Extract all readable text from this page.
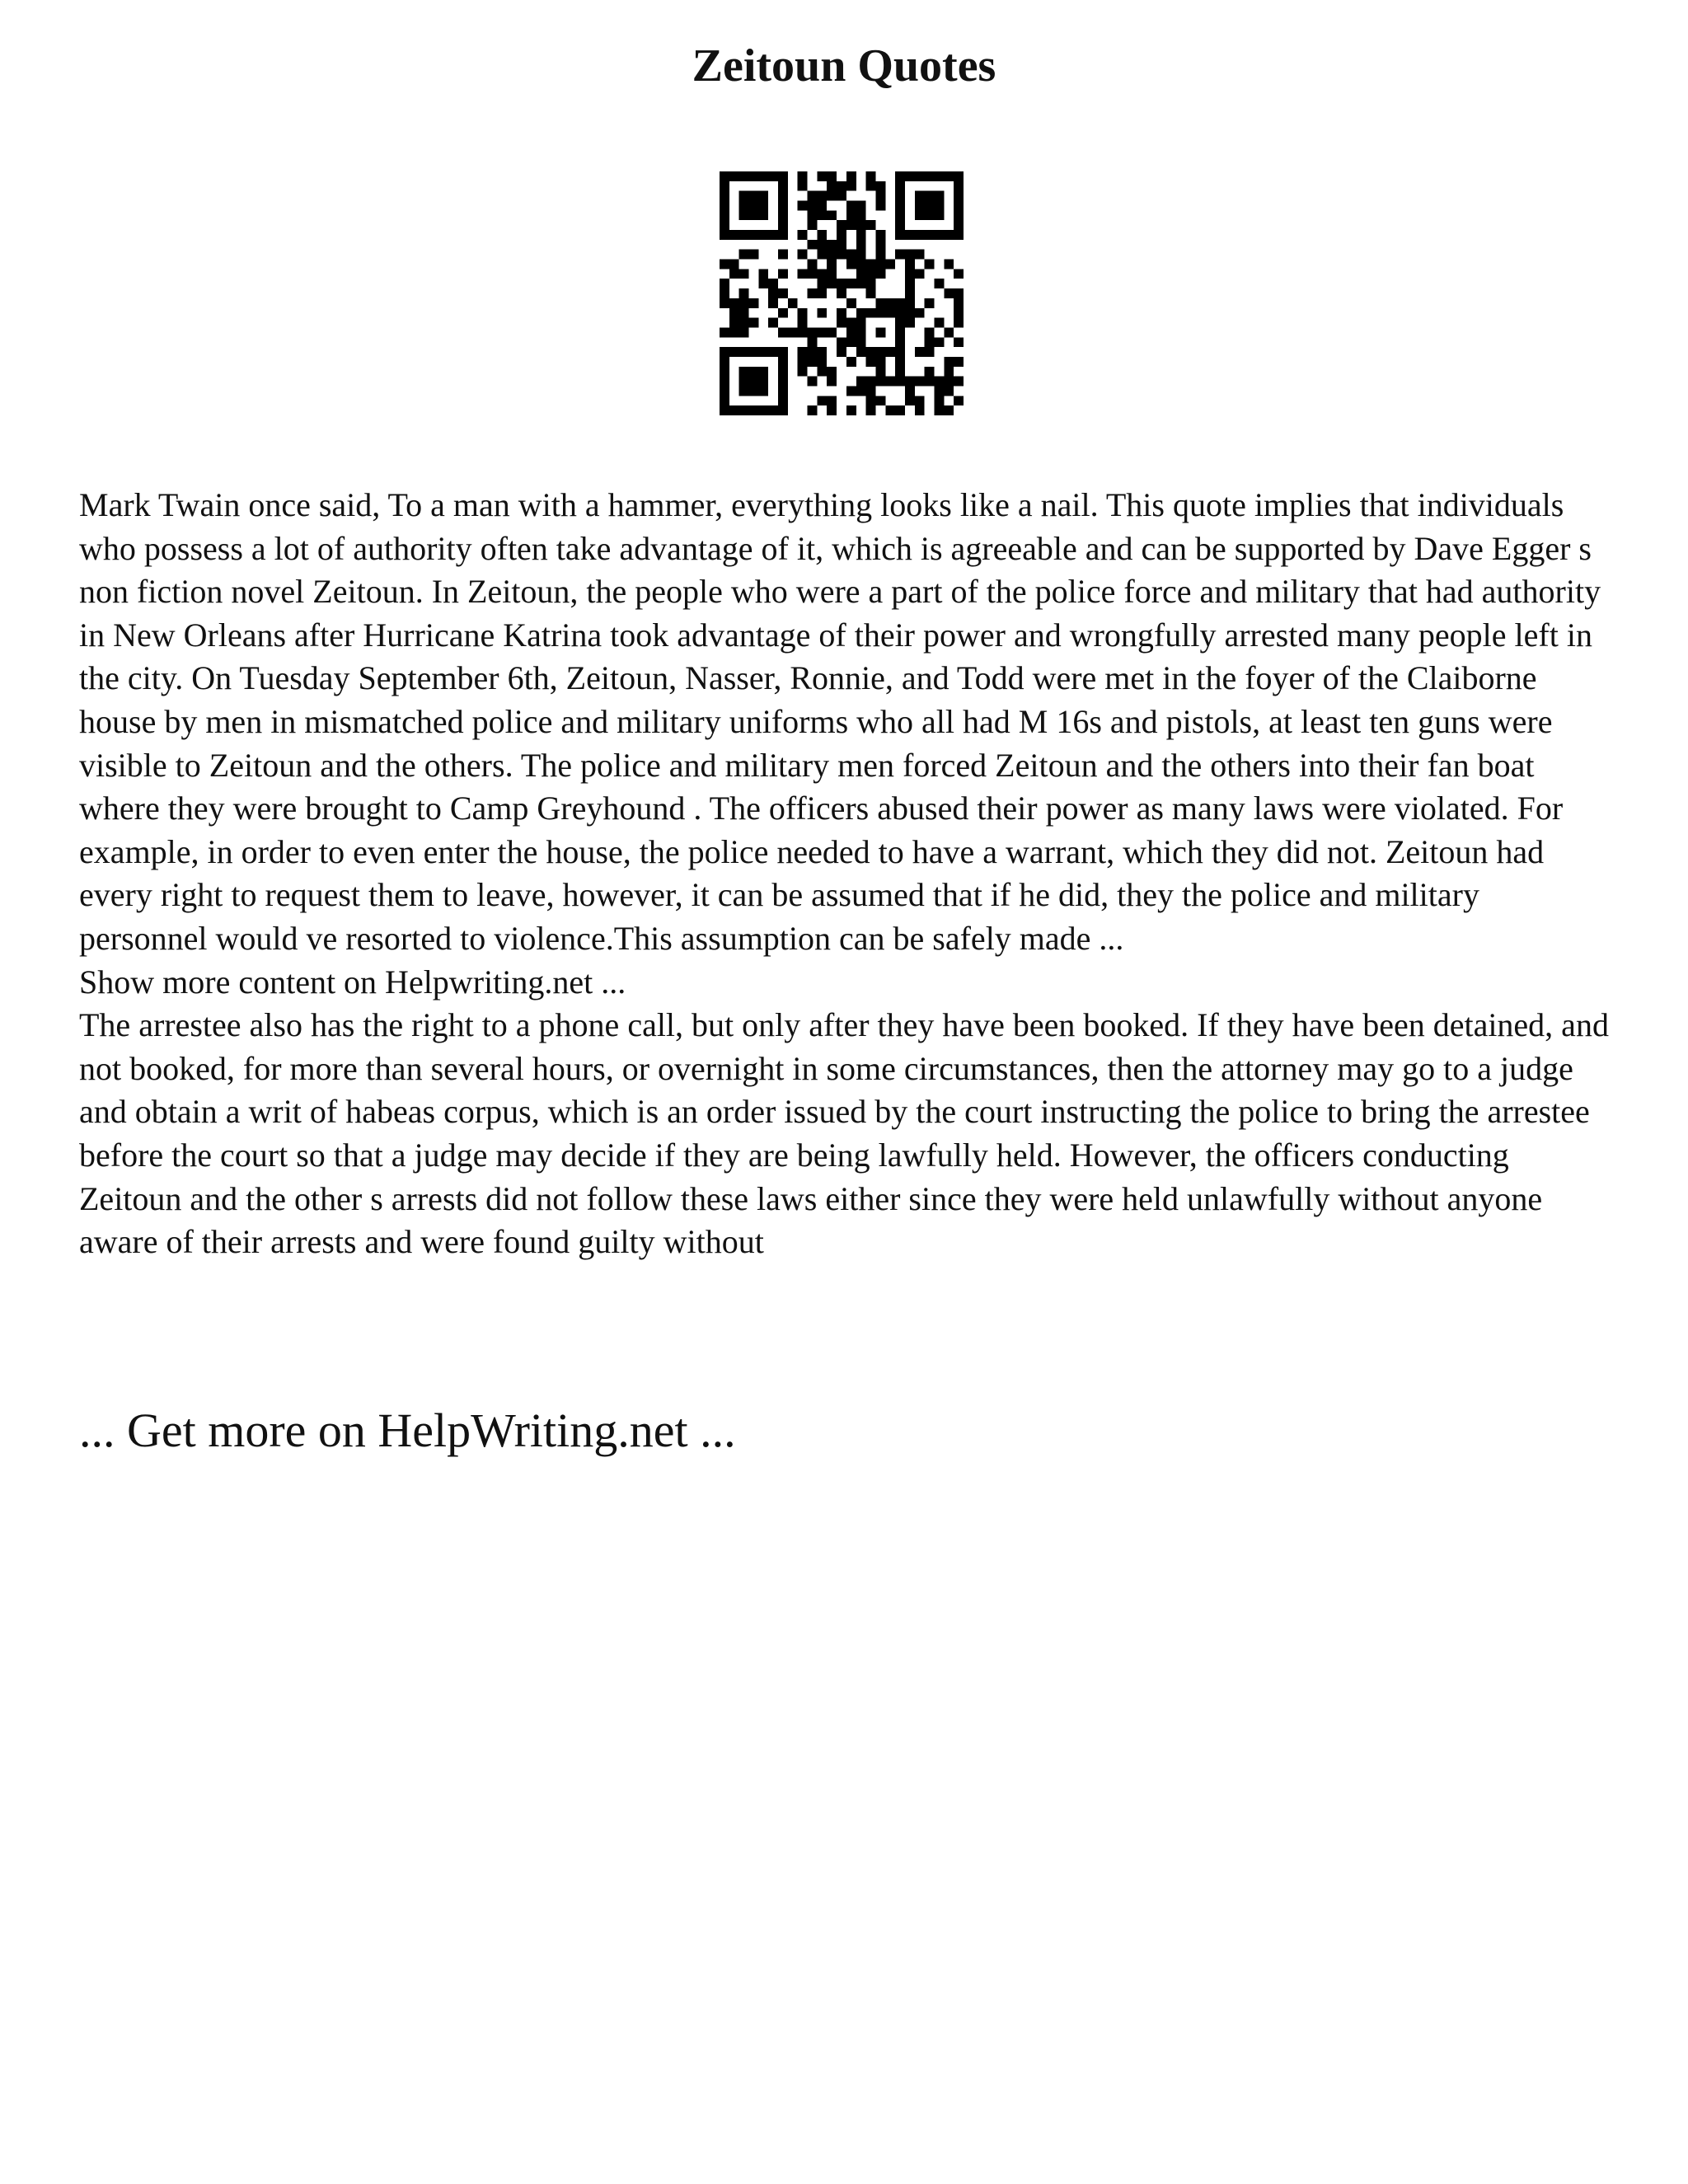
Zeitoun Quotes
Mark Twain once said, To a man with a hammer, everything looks like a nail. This quote implies that individuals who possess a lot of authority often take advantage of it, which is agreeable and can be supported by Dave Egger s non fiction novel Zeitoun. In Zeitoun, the people who were a part of the police force and military that had authority in New Orleans after Hurricane Katrina took advantage of their power and wrongfully arrested many people left in the city. On Tuesday September 6th, Zeitoun, Nasser, Ronnie, and Todd were met in the foyer of the Claiborne house by men in mismatched police and military uniforms who all had M 16s and pistols, at least ten guns were visible to Zeitoun and the others. The police and military men forced Zeitoun and the others into their fan boat where they were brought to Camp Greyhound . The officers abused their power as many laws were violated. For example, in order to even enter the house, the police needed to have a warrant, which they did not. Zeitoun had every right to request them to leave, however, it can be assumed that if he did, they the police and military personnel would ve resorted to violence.This assumption can be safely made ...
Show more content on Helpwriting.net ...
The arrestee also has the right to a phone call, but only after they have been booked. If they have been detained, and not booked, for more than several hours, or overnight in some circumstances, then the attorney may go to a judge and obtain a writ of habeas corpus, which is an order issued by the court instructing the police to bring the arrestee before the court so that a judge may decide if they are being lawfully held. However, the officers conducting Zeitoun and the other s arrests did not follow these laws either since they were held unlawfully without anyone aware of their arrests and were found guilty without
... Get more on HelpWriting.net ...
